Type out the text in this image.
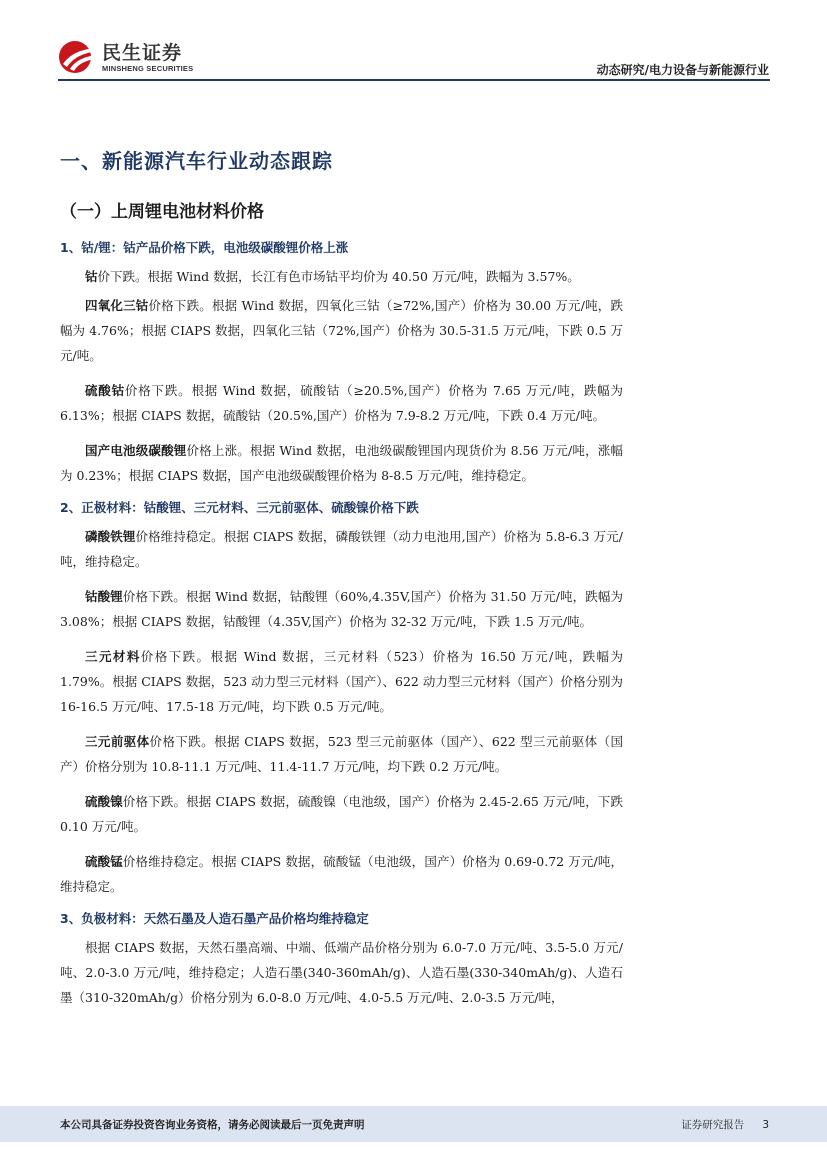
民生证券
MINSHENG SECURITIES	动态研究/电力设备与新能源行业
一、新能源汽车行业动态跟踪
（一）上周锂电池材料价格
1、钴/锂：钴产品价格下跌，电池级碳酸锂价格上涨

钴价下跌。根据 Wind 数据，长江有色市场钴平均价为 40.50 万元/吨，跌幅为 3.57%。

四氧化三钴价格下跌。根据 Wind 数据，四氧化三钴（≥72%,国产）价格为 30.00 万元/吨，跌幅为 4.76%；根据 CIAPS 数据，四氧化三钴（72%,国产）价格为 30.5-31.5 万元/吨，下跌 0.5 万元/吨。

硫酸钴价格下跌。根据 Wind 数据，硫酸钴（≥20.5%,国产）价格为 7.65 万元/吨，跌幅为 6.13%；根据 CIAPS 数据，硫酸钴（20.5%,国产）价格为 7.9-8.2 万元/吨，下跌 0.4 万元/吨。

国产电池级碳酸锂价格上涨。根据 Wind 数据，电池级碳酸锂国内现货价为 8.56 万元/吨，涨幅为 0.23%；根据 CIAPS 数据，国产电池级碳酸锂价格为 8-8.5 万元/吨，维持稳定。

2、正极材料：钴酸锂、三元材料、三元前驱体、硫酸镍价格下跌

磷酸铁锂价格维持稳定。根据 CIAPS 数据，磷酸铁锂（动力电池用,国产）价格为 5.8-6.3 万元/吨，维持稳定。

钴酸锂价格下跌。根据 Wind 数据，钴酸锂（60%,4.35V,国产）价格为 31.50 万元/吨，跌幅为 3.08%；根据 CIAPS 数据，钴酸锂（4.35V,国产）价格为 32-32 万元/吨，下跌 1.5 万元/吨。

三元材料价格下跌。根据 Wind 数据，三元材料（523）价格为 16.50 万元/吨，跌幅为 1.79%。根据 CIAPS 数据，523 动力型三元材料（国产）、622 动力型三元材料（国产）价格分别为 16-16.5 万元/吨、17.5-18 万元/吨，均下跌 0.5 万元/吨。

三元前驱体价格下跌。根据 CIAPS 数据，523 型三元前驱体（国产）、622 型三元前驱体（国产）价格分别为 10.8-11.1 万元/吨、11.4-11.7 万元/吨，均下跌 0.2 万元/吨。

硫酸镍价格下跌。根据 CIAPS 数据，硫酸镍（电池级，国产）价格为 2.45-2.65 万元/吨，下跌 0.10 万元/吨。

硫酸锰价格维持稳定。根据 CIAPS 数据，硫酸锰（电池级，国产）价格为 0.69-0.72 万元/吨，维持稳定。

3、负极材料：天然石墨及人造石墨产品价格均维持稳定

根据 CIAPS 数据，天然石墨高端、中端、低端产品价格分别为 6.0-7.0 万元/吨、3.5-5.0 万元/吨、2.0-3.0 万元/吨，维持稳定；人造石墨(340-360mAh/g)、人造石墨(330-340mAh/g)、人造石墨（310-320mAh/g）价格分别为 6.0-8.0 万元/吨、4.0-5.5 万元/吨、2.0-3.5 万元/吨，

本公司具备证券投资咨询业务资格，请务必阅读最后一页免责声明	证券研究报告 3
